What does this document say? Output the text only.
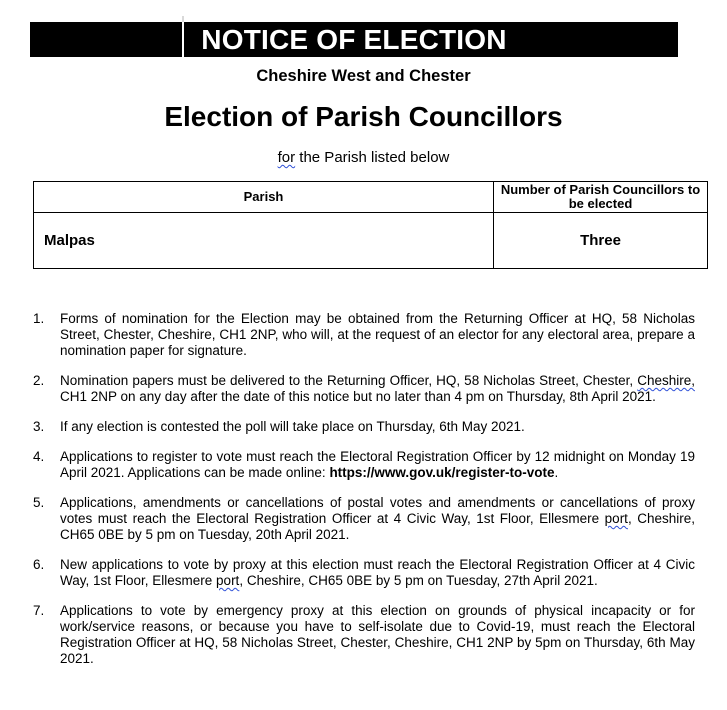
NOTICE OF ELECTION
Cheshire West and Chester
Election of Parish Councillors
for the Parish listed below
Parish	Number of Parish Councillors to be elected
Malpas	Three
1.	Forms of nomination for the Election may be obtained from the Returning Officer at HQ, 58 Nicholas Street, Chester, Cheshire, CH1 2NP, who will, at the request of an elector for any electoral area, prepare a nomination paper for signature.
2.	Nomination papers must be delivered to the Returning Officer, HQ, 58 Nicholas Street, Chester, Cheshire, CH1 2NP on any day after the date of this notice but no later than 4 pm on Thursday, 8th April 2021.
3.	If any election is contested the poll will take place on Thursday, 6th May 2021.
4.	Applications to register to vote must reach the Electoral Registration Officer by 12 midnight on Monday 19 April 2021. Applications can be made online: https://www.gov.uk/register-to-vote.
5.	Applications, amendments or cancellations of postal votes and amendments or cancellations of proxy votes must reach the Electoral Registration Officer at 4 Civic Way, 1st Floor, Ellesmere port, Cheshire, CH65 0BE by 5 pm on Tuesday, 20th April 2021.
6.	New applications to vote by proxy at this election must reach the Electoral Registration Officer at 4 Civic Way, 1st Floor, Ellesmere port, Cheshire, CH65 0BE by 5 pm on Tuesday, 27th April 2021.
7.	Applications to vote by emergency proxy at this election on grounds of physical incapacity or for work/service reasons, or because you have to self-isolate due to Covid-19, must reach the Electoral Registration Officer at HQ, 58 Nicholas Street, Chester, Cheshire, CH1 2NP by 5pm on Thursday, 6th May 2021.
